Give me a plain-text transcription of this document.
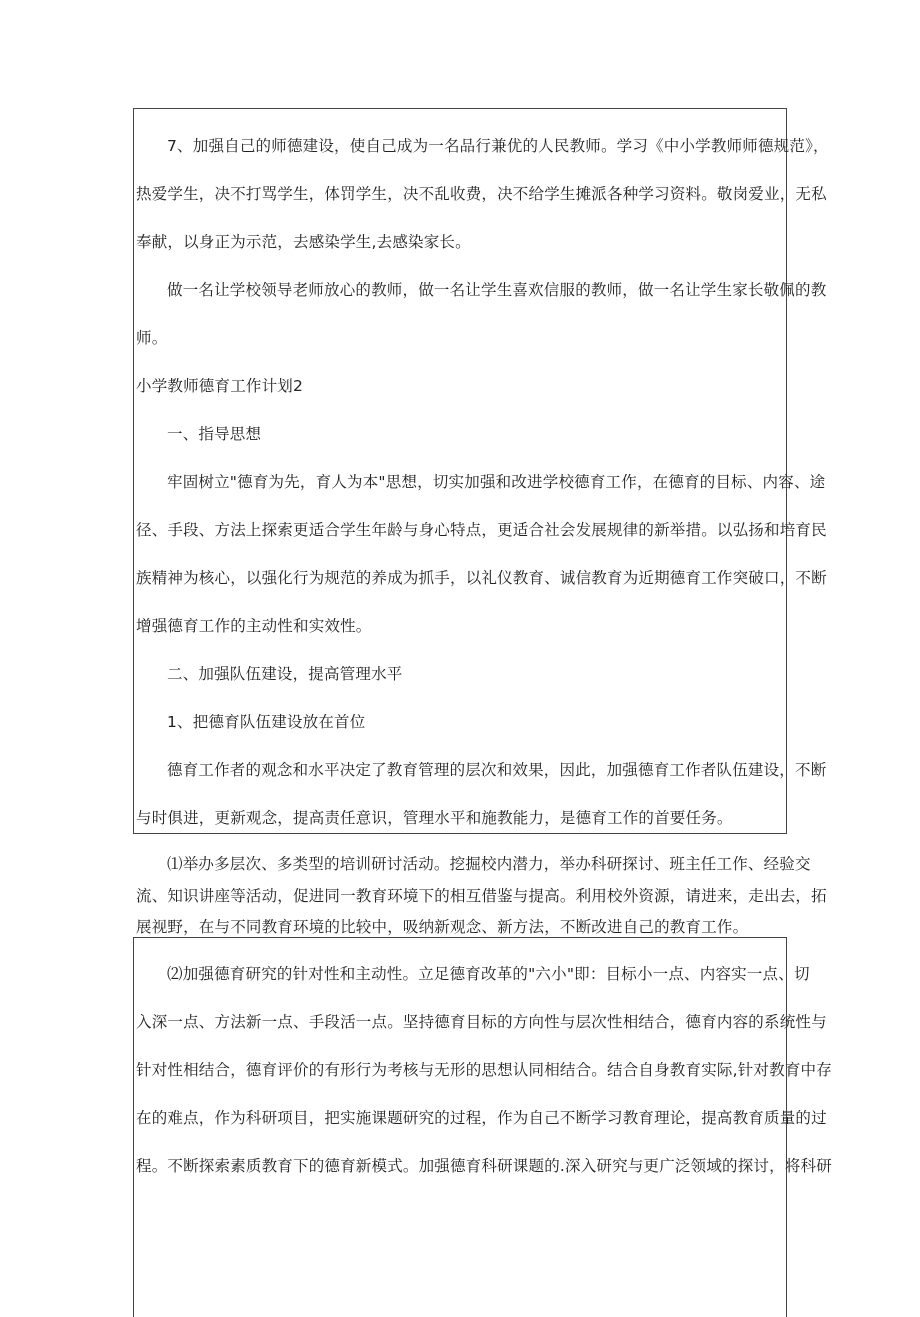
7、加强自己的师德建设，使自己成为一名品行兼优的人民教师。学习《中小学教师师德规范》，

热爱学生，决不打骂学生，体罚学生，决不乱收费，决不给学生摊派各种学习资料。敬岗爱业，无私

奉献，以身正为示范，去感染学生,去感染家长。

做一名让学校领导老师放心的教师，做一名让学生喜欢信服的教师，做一名让学生家长敬佩的教

师。

小学教师德育工作计划2

一、指导思想

牢固树立"德育为先，育人为本"思想，切实加强和改进学校德育工作，在德育的目标、内容、途

径、手段、方法上探索更适合学生年龄与身心特点，更适合社会发展规律的新举措。以弘扬和培育民

族精神为核心，以强化行为规范的养成为抓手，以礼仪教育、诚信教育为近期德育工作突破口，不断

增强德育工作的主动性和实效性。

二、加强队伍建设，提高管理水平

1、把德育队伍建设放在首位

德育工作者的观念和水平决定了教育管理的层次和效果，因此，加强德育工作者队伍建设，不断

与时俱进，更新观念，提高责任意识，管理水平和施教能力，是德育工作的首要任务。

⑴举办多层次、多类型的培训研讨活动。挖掘校内潜力，举办科研探讨、班主任工作、经验交

流、知识讲座等活动，促进同一教育环境下的相互借鉴与提高。利用校外资源，请进来，走出去，拓

展视野，在与不同教育环境的比较中，吸纳新观念、新方法，不断改进自己的教育工作。

⑵加强德育研究的针对性和主动性。立足德育改革的"六小"即：目标小一点、内容实一点、切

入深一点、方法新一点、手段活一点。坚持德育目标的方向性与层次性相结合，德育内容的系统性与

针对性相结合，德育评价的有形行为考核与无形的思想认同相结合。结合自身教育实际,针对教育中存

在的难点，作为科研项目，把实施课题研究的过程，作为自己不断学习教育理论，提高教育质量的过

程。不断探索素质教育下的德育新模式。加强德育科研课题的.深入研究与更广泛领域的探讨，将科研
